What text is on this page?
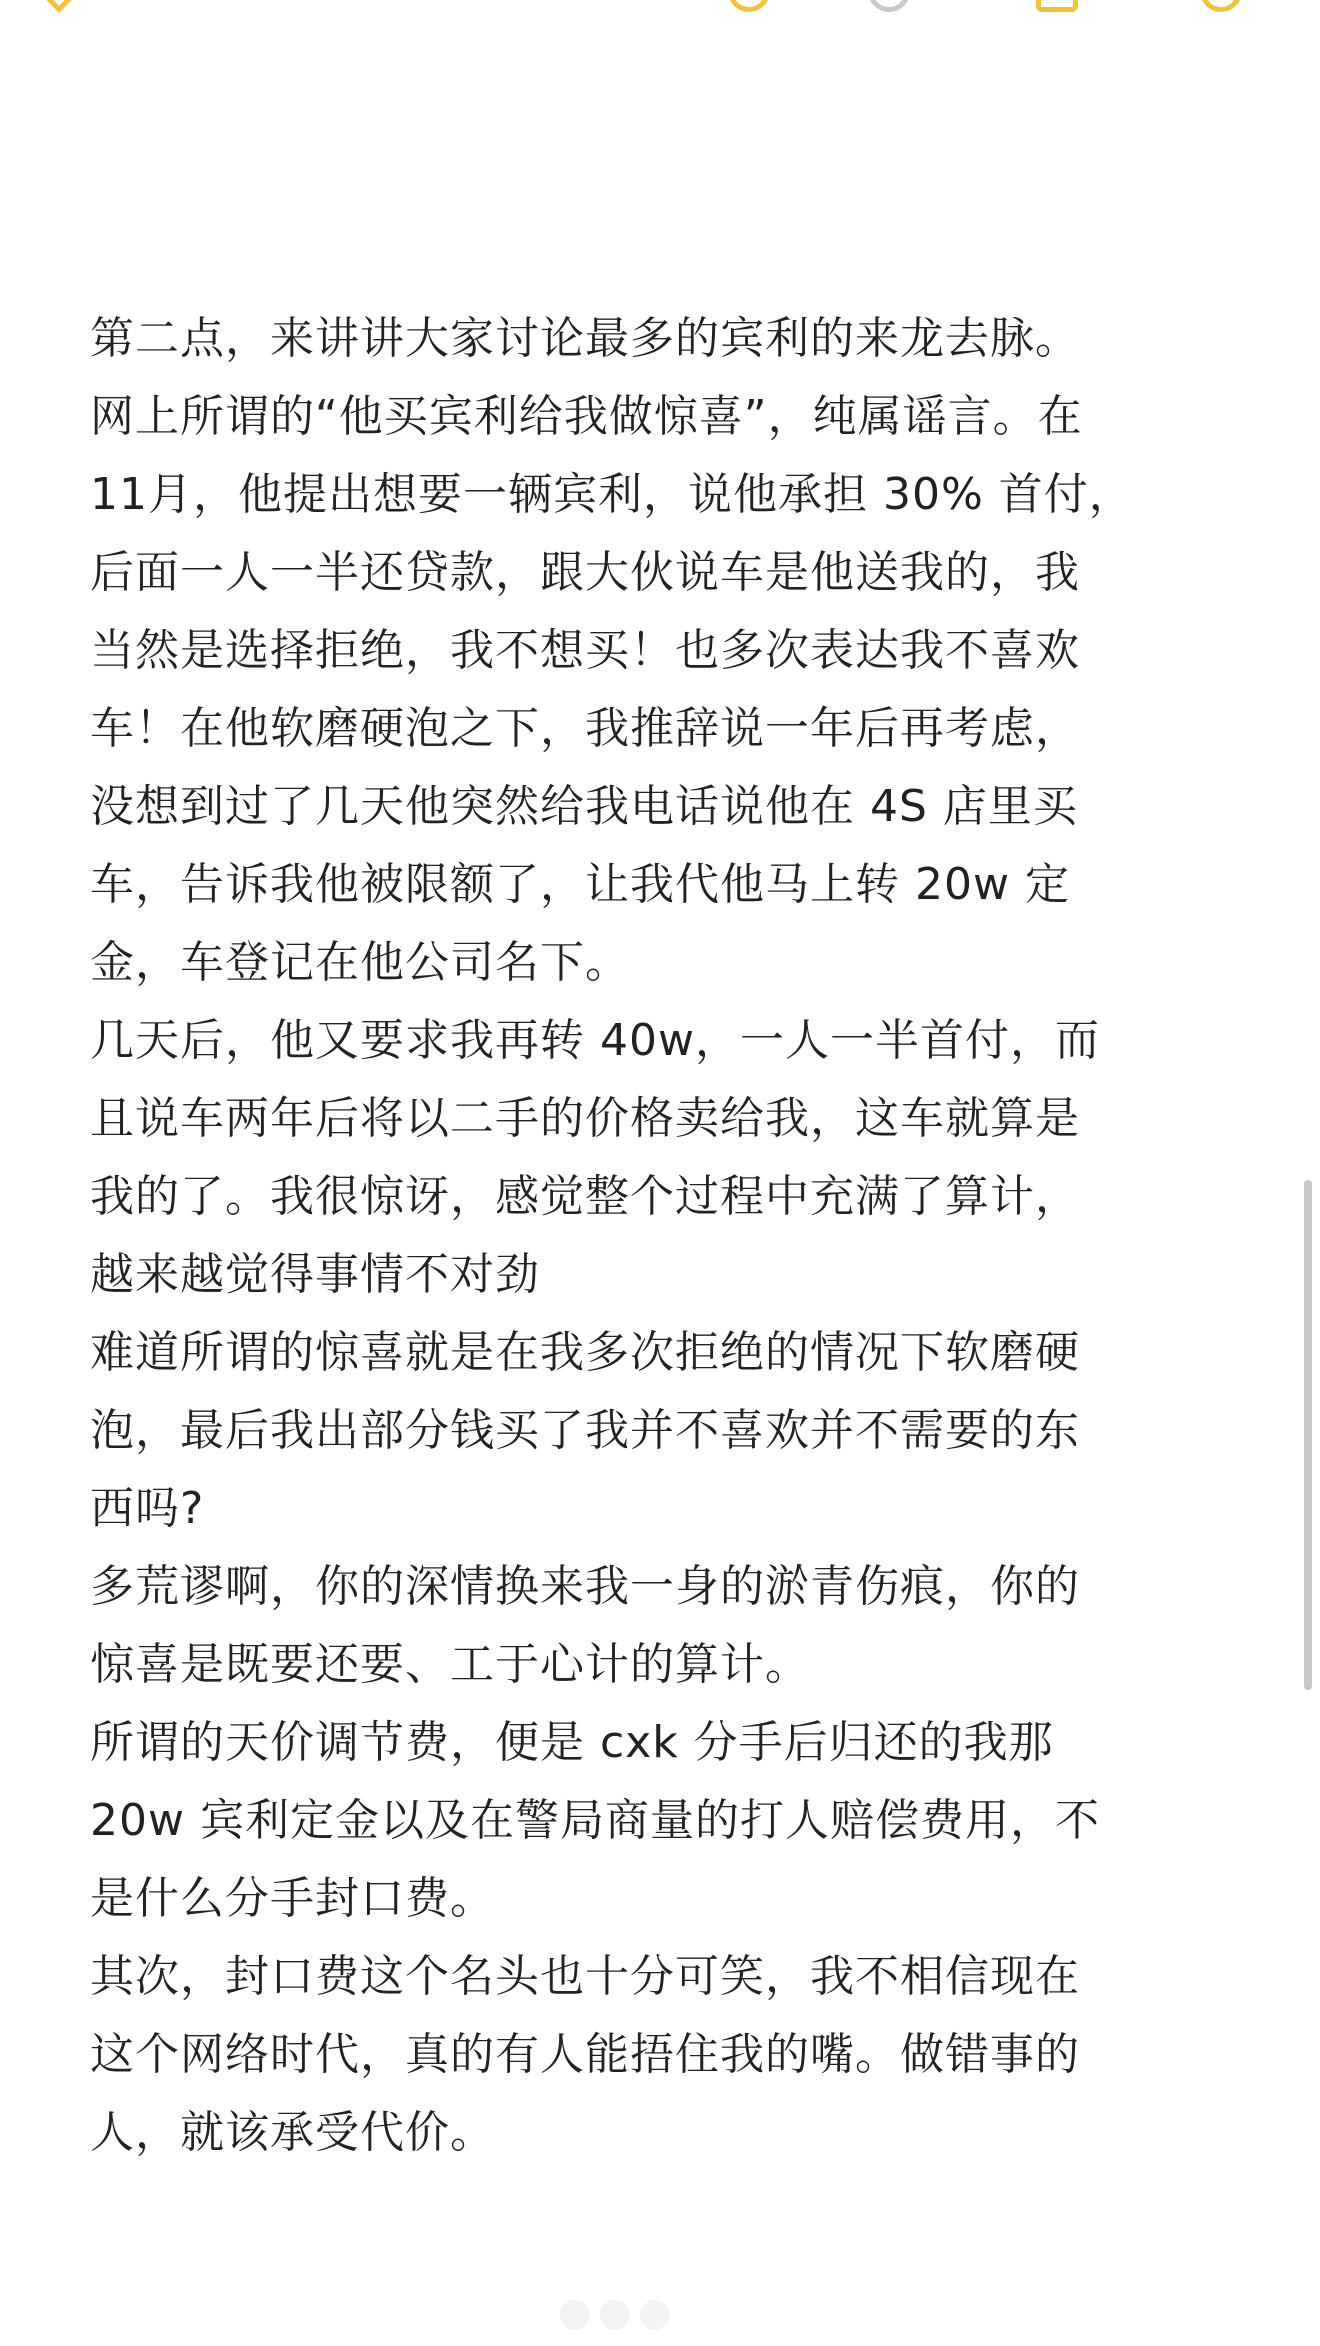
第二点，来讲讲大家讨论最多的宾利的来龙去脉。
网上所谓的“他买宾利给我做惊喜”，纯属谣言。在
11月，他提出想要一辆宾利，说他承担 30% 首付，
后面一人一半还贷款，跟大伙说车是他送我的，我
当然是选择拒绝，我不想买！也多次表达我不喜欢
车！在他软磨硬泡之下，我推辞说一年后再考虑，
没想到过了几天他突然给我电话说他在 4S 店里买
车，告诉我他被限额了，让我代他马上转 20w 定
金，车登记在他公司名下。

几天后，他又要求我再转 40w，一人一半首付，而
且说车两年后将以二手的价格卖给我，这车就算是
我的了。我很惊讶，感觉整个过程中充满了算计，
越来越觉得事情不对劲

难道所谓的惊喜就是在我多次拒绝的情况下软磨硬
泡，最后我出部分钱买了我并不喜欢并不需要的东
西吗?

多荒谬啊，你的深情换来我一身的淤青伤痕，你的
惊喜是既要还要、工于心计的算计。

所谓的天价调节费，便是 cxk 分手后归还的我那
20w 宾利定金以及在警局商量的打人赔偿费用，不
是什么分手封口费。

其次，封口费这个名头也十分可笑，我不相信现在
这个网络时代，真的有人能捂住我的嘴。做错事的
人，就该承受代价。
